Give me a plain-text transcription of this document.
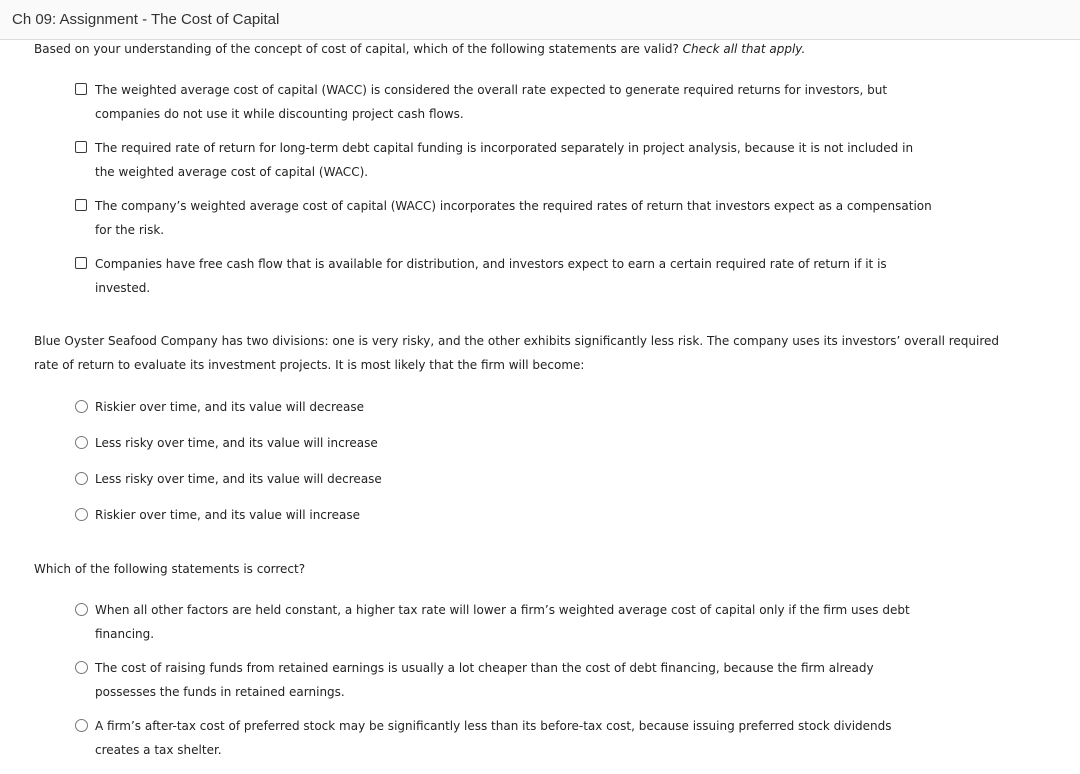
Ch 09: Assignment - The Cost of Capital
Based on your understanding of the concept of cost of capital, which of the following statements are valid? Check all that apply.
The weighted average cost of capital (WACC) is considered the overall rate expected to generate required returns for investors, but companies do not use it while discounting project cash flows.
The required rate of return for long-term debt capital funding is incorporated separately in project analysis, because it is not included in the weighted average cost of capital (WACC).
The company’s weighted average cost of capital (WACC) incorporates the required rates of return that investors expect as a compensation for the risk.
Companies have free cash flow that is available for distribution, and investors expect to earn a certain required rate of return if it is invested.
Blue Oyster Seafood Company has two divisions: one is very risky, and the other exhibits significantly less risk. The company uses its investors’ overall required rate of return to evaluate its investment projects. It is most likely that the firm will become:
Riskier over time, and its value will decrease
Less risky over time, and its value will increase
Less risky over time, and its value will decrease
Riskier over time, and its value will increase
Which of the following statements is correct?
When all other factors are held constant, a higher tax rate will lower a firm’s weighted average cost of capital only if the firm uses debt financing.
The cost of raising funds from retained earnings is usually a lot cheaper than the cost of debt financing, because the firm already possesses the funds in retained earnings.
A firm’s after-tax cost of preferred stock may be significantly less than its before-tax cost, because issuing preferred stock dividends creates a tax shelter.
